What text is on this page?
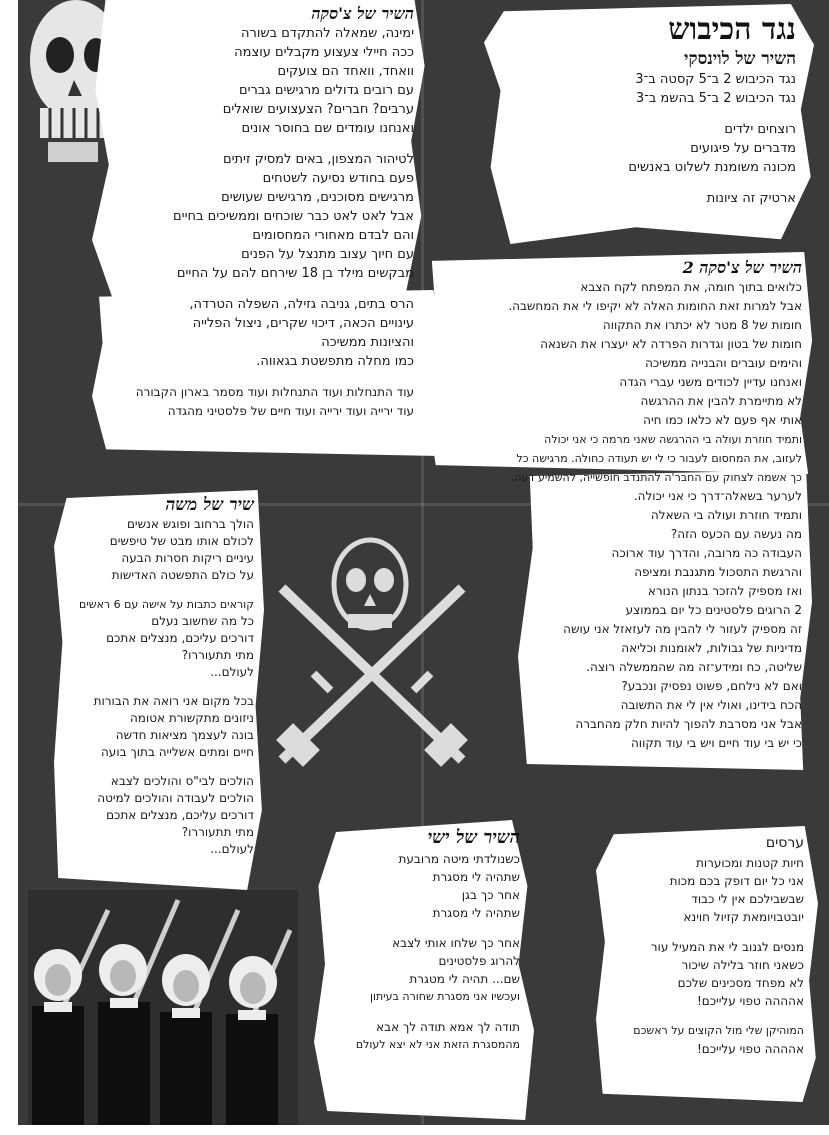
נגד הכיבוש
השיר של לוינסקי
נגד הכיבוש 2 ב־5 קסטה ב־3
נגד הכיבוש 2 ב־5 בהשמ ב־3
רוצחים ילדים
מדברים על פיגועים
מכונה משומנת לשלוט באנשים
ארטיק זה ציונות
השיר של צ'סקה
ימינה, שמאלה להתקדם בשורה
ככה חיילי צעצוע מקבלים עוצמה
וואחד, וואחד הם צועקים
עם רובים גדולים מרגישים גברים
ערבים? חברים? הצעצועים שואלים
ואנחנו עומדים שם בחוסר אונים
לטיהור המצפון, באים למסיק זיתים
פעם בחודש נסיעה לשטחים
מרגישים מסוכנים, מרגישים שעושים
אבל לאט לאט כבר שוכחים וממשיכים בחיים
והם לבדם מאחורי המחסומים
עם חיוך עצוב מתנצל על הפנים
מבקשים מילד בן 18 שירחם להם על החיים
הרס בתים, גניבה גזילה, השפלה הטרדה,
עינויים הכאה, דיכוי שקרים, ניצול הפלייה
והציונות ממשיכה
כמו מחלה מתפשטת בגאווה.
עוד התנחלות ועוד התנחלות ועוד מסמר בארון הקבורה
עוד ירייה ועוד ירייה ועוד חיים של פלסטיני מהגדה
השיר של צ'סקה 2
כלואים בתוך חומה, את המפתח לקח הצבא
אבל למרות זאת החומות האלה לא יקיפו לי את המחשבה.
חומות של 8 מטר לא יכתרו את התקווה
חומות של בטון וגדרות הפרדה לא יעצרו את השנאה
והימים עוברים והבנייה ממשיכה
ואנחנו עדיין לכודים משני עברי הגדה
לא מתיימרת להבין את ההרגשה
אותי אף פעם לא כלאו כמו חיה
ותמיד חוזרת ועולה בי ההרגשה שאני מרמה כי אני יכולה
לעזוב, את המחסום לעבור כי לי יש תעודה כחולה. מרגישה כל
כך אשמה לצחוק עם החבר'ה להתנדב חופשייה, להשמיע דעה,
לערער בשאלה־דרך כי אני יכולה.
ותמיד חוזרת ועולה בי השאלה
מה נעשה עם הכעס הזה?
העבודה כה מרובה, והדרך עוד ארוכה
והרגשת התסכול מתגנבת ומציפה
ואז מספיק להזכר בנתון הנורא
2 הרוגים פלסטינים כל יום בממוצע
זה מספיק לעזור לי להבין מה לעזאזל אני עושה
מדיניות של גבולות, לאומנות וכליאה
שליטה, כח ומידע־זה מה שהממשלה רוצה.
ואם לא נילחם, פשוט נפסיק ונכבע?
הכח בידינו, ואולי אין לי את התשובה
אבל אני מסרבת להפוך להיות חלק מהחברה
כי יש בי עוד חיים ויש בי עוד תקווה
שיר של משה
הולך ברחוב ופוגש אנשים
לכולם אותו מבט של טיפשים
עיניים ריקות חסרות הבעה
על כולם התפשטה האדישות
קוראים כתבות על אישה עם 6 ראשים
כל מה שחשוב נעלם
דורכים עליכם, מנצלים אתכם
מתי תתעוררו?
לעולם...
בכל מקום אני רואה את הבורות
ניזונים מתקשורת אטומה
בונה לעצמך מציאות חדשה
חיים ומתים אשלייה בתוך בועה
הולכים לבי"ס והולכים לצבא
הולכים לעבודה והולכים למיטה
דורכים עליכם, מנצלים אתכם
מתי תתעוררו?
לעולם...
השיר של ישי
כשנולדתי מיטה מרובעת
שתהיה לי מסגרת
אחר כך בגן
שתהיה לי מסגרת
אחר כך שלחו אותי לצבא
להרוג פלסטינים
שם... תהיה לי מטגרת
ועכשיו אני מסגרת שחורה בעיתון
תודה לך אמא תודה לך אבא
מהמסגרת הזאת אני לא יצא לעולם
ערסים
חיות קטנות ומכוערות
אני כל יום דופק בכם מכות
שבשבילכם אין לי כבוד
יובטבויומאת קזיול חוינא
מנסים לגנוב לי את המעיל עור
כשאני חוזר בלילה שיכור
לא מפחד מסכינים שלכם
אהההה טפוי עלייכם!
המוהיקן שלי מול הקוצים על ראשכם
אהההה טפוי עלייכם!
